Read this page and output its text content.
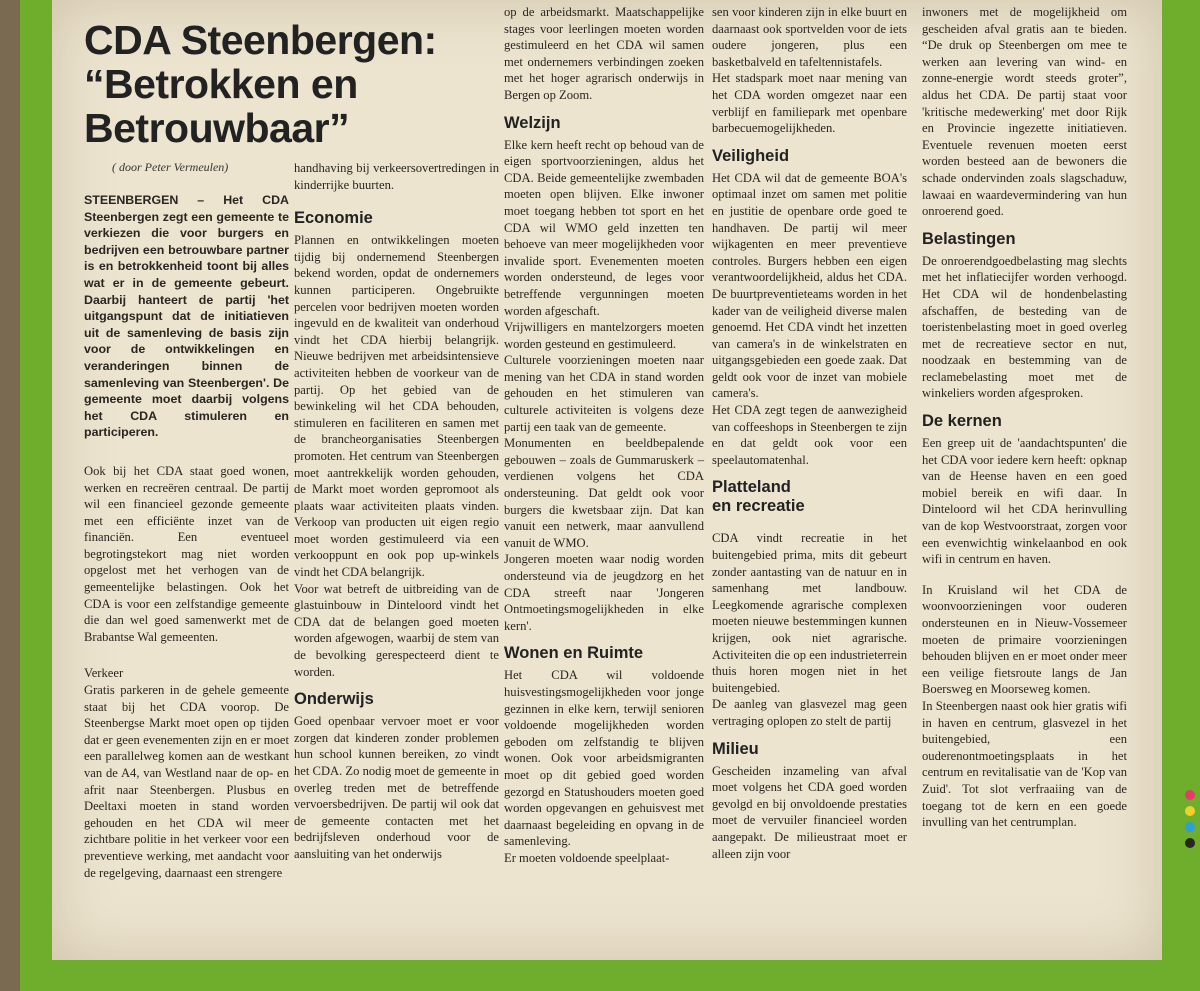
CDA Steenbergen:
“Betrokken en
Betrouwbaar”
( door Peter Vermeulen)

STEENBERGEN – Het CDA Steenbergen zegt een gemeente te verkiezen die voor burgers en bedrijven een betrouwbare partner is en betrokkenheid toont bij alles wat er in de gemeente gebeurt. Daarbij hanteert de partij 'het uitgangspunt dat de initiatieven uit de samenleving de basis zijn voor de ontwikkelingen en veranderingen binnen de samenleving van Steenbergen'. De gemeente moet daarbij volgens het CDA stimuleren en participeren.

Ook bij het CDA staat goed wonen, werken en recreëren centraal. De partij wil een financieel gezonde gemeente met een efficiënte inzet van de financiën. Een eventueel begrotingstekort mag niet worden opgelost met het verhogen van de gemeentelijke belastingen. Ook het CDA is voor een zelfstandige gemeente die dan wel goed samenwerkt met de Brabantse Wal gemeenten.

Verkeer

Gratis parkeren in de gehele gemeente staat bij het CDA voorop. De Steenbergse Markt moet open op tijden dat er geen evenementen zijn en er moet een parallelweg komen aan de westkant van de A4, van Westland naar de op- en afrit naar Steenbergen. Plusbus en Deeltaxi moeten in stand worden gehouden en het CDA wil meer zichtbare politie in het verkeer voor een preventieve werking, met aandacht voor de regelgeving, daarnaast een strengere

handhaving bij verkeersovertredingen in kinderrijke buurten.

Economie

Plannen en ontwikkelingen moeten tijdig bij ondernemend Steenbergen bekend worden, opdat de ondernemers kunnen participeren. Ongebruikte percelen voor bedrijven moeten worden ingevuld en de kwaliteit van onderhoud vindt het CDA hierbij belangrijk. Nieuwe bedrijven met arbeidsintensieve activiteiten hebben de voorkeur van de partij. Op het gebied van de bewinkeling wil het CDA behouden, stimuleren en faciliteren en samen met de brancheorganisaties Steenbergen promoten. Het centrum van Steenbergen moet aantrekkelijk worden gehouden, de Markt moet worden gepromoot als plaats waar activiteiten plaats vinden. Verkoop van producten uit eigen regio moet worden gestimuleerd via een verkooppunt en ook pop up-winkels vindt het CDA belangrijk.

Voor wat betreft de uitbreiding van de glastuinbouw in Dinteloord vindt het CDA dat de belangen goed moeten worden afgewogen, waarbij de stem van de bevolking gerespecteerd dient te worden.

Onderwijs

Goed openbaar vervoer moet er voor zorgen dat kinderen zonder problemen hun school kunnen bereiken, zo vindt het CDA. Zo nodig moet de gemeente in overleg treden met de betreffende vervoersbedrijven. De partij wil ook dat de gemeente contacten met het bedrijfsleven onderhoud voor de aansluiting van het onderwijs

op de arbeidsmarkt. Maatschappelijke stages voor leerlingen moeten worden gestimuleerd en het CDA wil samen met ondernemers verbindingen zoeken met het hoger agrarisch onderwijs in Bergen op Zoom.

Welzijn

Elke kern heeft recht op behoud van de eigen sportvoorzieningen, aldus het CDA. Beide gemeentelijke zwembaden moeten open blijven. Elke inwoner moet toegang hebben tot sport en het CDA wil WMO geld inzetten ten behoeve van meer mogelijkheden voor invalide sport. Evenementen moeten worden ondersteund, de leges voor betreffende vergunningen moeten worden afgeschaft.

Vrijwilligers en mantelzorgers moeten worden gesteund en gestimuleerd.

Culturele voorzieningen moeten naar mening van het CDA in stand worden gehouden en het stimuleren van culturele activiteiten is volgens deze partij een taak van de gemeente.

Monumenten en beeldbepalende gebouwen – zoals de Gummaruskerk – verdienen volgens het CDA ondersteuning. Dat geldt ook voor burgers die kwetsbaar zijn. Dat kan vanuit een netwerk, maar aanvullend vanuit de WMO.

Jongeren moeten waar nodig worden ondersteund via de jeugdzorg en het CDA streeft naar 'Jongeren Ontmoetingsmogelijkheden in elke kern'.

Wonen en Ruimte

Het CDA wil voldoende huisvestingsmogelijkheden voor jonge gezinnen in elke kern, terwijl senioren voldoende mogelijkheden worden geboden om zelfstandig te blijven wonen. Ook voor arbeidsmigranten moet op dit gebied goed worden gezorgd en Statushouders moeten goed worden opgevangen en gehuisvest met daarnaast begeleiding en opvang in de samenleving.

Er moeten voldoende speelplaat-

sen voor kinderen zijn in elke buurt en daarnaast ook sportvelden voor de iets oudere jongeren, plus een basketbalveld en tafeltennistafels.

Het stadspark moet naar mening van het CDA worden omgezet naar een verblijf en familiepark met openbare barbecuemogelijkheden.

Veiligheid

Het CDA wil dat de gemeente BOA's optimaal inzet om samen met politie en justitie de openbare orde goed te handhaven. De partij wil meer wijkagenten en meer preventieve controles. Burgers hebben een eigen verantwoordelijkheid, aldus het CDA. De buurtpreventieteams worden in het kader van de veiligheid diverse malen genoemd. Het CDA vindt het inzetten van camera's in de winkelstraten en uitgangsgebieden een goede zaak. Dat geldt ook voor de inzet van mobiele camera's.

Het CDA zegt tegen de aanwezigheid van coffeeshops in Steenbergen te zijn en dat geldt ook voor een speelautomatenhal.

Platteland
en recreatie

CDA vindt recreatie in het buitengebied prima, mits dit gebeurt zonder aantasting van de natuur en in samenhang met landbouw. Leegkomende agrarische complexen moeten nieuwe bestemmingen kunnen krijgen, ook niet agrarische. Activiteiten die op een industrieterrein thuis horen mogen niet in het buitengebied.

De aanleg van glasvezel mag geen vertraging oplopen zo stelt de partij

Milieu

Gescheiden inzameling van afval moet volgens het CDA goed worden gevolgd en bij onvoldoende prestaties moet de vervuiler financieel worden aangepakt. De milieustraat moet er alleen zijn voor

inwoners met de mogelijkheid om gescheiden afval gratis aan te bieden. “De druk op Steenbergen om mee te werken aan levering van wind- en zonne-energie wordt steeds groter”, aldus het CDA. De partij staat voor 'kritische medewerking' met door Rijk en Provincie ingezette initiatieven. Eventuele revenuen moeten eerst worden besteed aan de bewoners die schade ondervinden zoals slagschaduw, lawaai en waardevermindering van hun onroerend goed.

Belastingen

De onroerendgoedbelasting mag slechts met het inflatiecijfer worden verhoogd. Het CDA wil de hondenbelasting afschaffen, de besteding van de toeristenbelasting moet in goed overleg met de recreatieve sector en nut, noodzaak en bestemming van de reclamebelasting moet met de winkeliers worden afgesproken.

De kernen

Een greep uit de 'aandachtspunten' die het CDA voor iedere kern heeft: opknap van de Heense haven en een goed mobiel bereik en wifi daar. In Dinteloord wil het CDA herinvulling van de kop Westvoorstraat, zorgen voor een evenwichtig winkelaanbod en ook wifi in centrum en haven.

In Kruisland wil het CDA de woonvoorzieningen voor ouderen ondersteunen en in Nieuw-Vossemeer moeten de primaire voorzieningen behouden blijven en er moet onder meer een veilige fietsroute langs de Jan Boersweg en Moorseweg komen.

In Steenbergen naast ook hier gratis wifi in haven en centrum, glasvezel in het buitengebied, een ouderenontmoetingsplaats in het centrum en revitalisatie van de 'Kop van Zuid'. Tot slot verfraaiing van de toegang tot de kern en een goede invulling van het centrumplan.
